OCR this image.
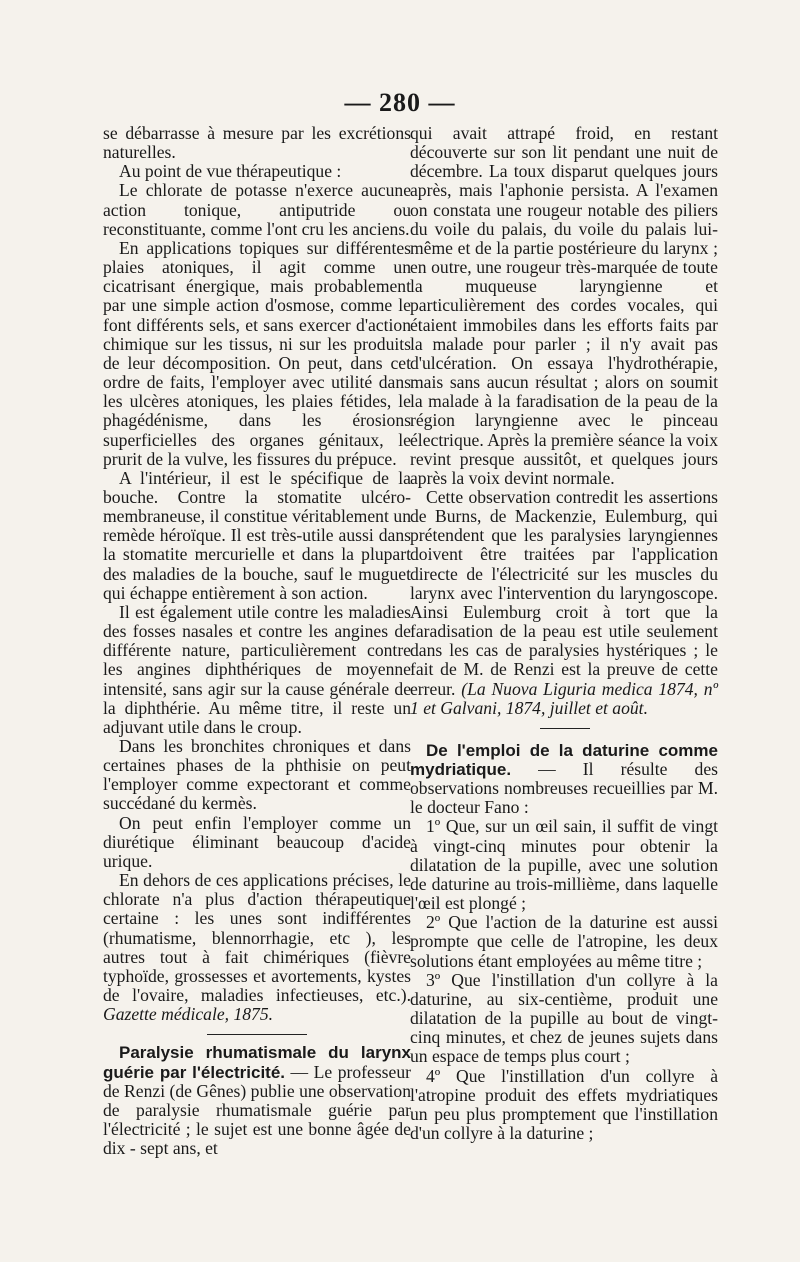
— 280 —

se débarrasse à mesure par les excrétions naturelles.

Au point de vue thérapeutique :

Le chlorate de potasse n'exerce aucune action tonique, antiputride ou reconstituante, comme l'ont cru les anciens.

En applications topiques sur différentes plaies atoniques, il agit comme un cicatrisant énergique, mais probablement par une simple action d'osmose, comme le font différents sels, et sans exercer d'action chimique sur les tissus, ni sur les produits de leur décomposition. On peut, dans cet ordre de faits, l'employer avec utilité dans les ulcères atoniques, les plaies fétides, le phagédénisme, dans les érosions superficielles des organes génitaux, le prurit de la vulve, les fissures du prépuce.

A l'intérieur, il est le spécifique de la bouche. Contre la stomatite ulcéro-membraneuse, il constitue véritablement un remède héroïque. Il est très-utile aussi dans la stomatite mercurielle et dans la plupart des maladies de la bouche, sauf le muguet qui échappe entièrement à son action.

Il est également utile contre les maladies des fosses nasales et contre les angines de différente nature, particulièrement contre les angines diphthériques de moyenne intensité, sans agir sur la cause générale de la diphthérie. Au même titre, il reste un adjuvant utile dans le croup.

Dans les bronchites chroniques et dans certaines phases de la phthisie on peut l'employer comme expectorant et comme succédané du kermès.

On peut enfin l'employer comme un diurétique éliminant beaucoup d'acide urique.

En dehors de ces applications précises, le chlorate n'a plus d'action thérapeutique certaine : les unes sont indifférentes (rhumatisme, blennorrhagie, etc ), les autres tout à fait chimériques (fièvre typhoïde, grossesses et avortements, kystes de l'ovaire, maladies infectieuses, etc.). Gazette médicale, 1875.

Paralysie rhumatismale du larynx guérie par l'électricité. — Le professeur de Renzi (de Gênes) publie une observation de paralysie rhumatismale guérie par l'électricité ; le sujet est une bonne âgée de dix - sept ans, et

qui avait attrapé froid, en restant découverte sur son lit pendant une nuit de décembre. La toux disparut quelques jours après, mais l'aphonie persista. A l'examen on constata une rougeur notable des piliers du voile du palais, du voile du palais lui-même et de la partie postérieure du larynx ; en outre, une rougeur très-marquée de toute la muqueuse laryngienne et particulièrement des cordes vocales, qui étaient immobiles dans les efforts faits par la malade pour parler ; il n'y avait pas d'ulcération. On essaya l'hydrothérapie, mais sans aucun résultat ; alors on soumit la malade à la faradisation de la peau de la région laryngienne avec le pinceau électrique. Après la première séance la voix revint presque aussitôt, et quelques jours après la voix devint normale.

Cette observation contredit les assertions de Burns, de Mackenzie, Eulemburg, qui prétendent que les paralysies laryngiennes doivent être traitées par l'application directe de l'électricité sur les muscles du larynx avec l'intervention du laryngoscope. Ainsi Eulemburg croit à tort que la faradisation de la peau est utile seulement dans les cas de paralysies hystériques ; le fait de M. de Renzi est la preuve de cette erreur. (La Nuova Liguria medica 1874, nº 1 et Galvani, 1874, juillet et août.

De l'emploi de la daturine comme mydriatique. — Il résulte des observations nombreuses recueillies par M. le docteur Fano :

1º Que, sur un œil sain, il suffit de vingt à vingt-cinq minutes pour obtenir la dilatation de la pupille, avec une solution de daturine au trois-millième, dans laquelle l'œil est plongé ;

2º Que l'action de la daturine est aussi prompte que celle de l'atropine, les deux solutions étant employées au même titre ;

3º Que l'instillation d'un collyre à la daturine, au six-centième, produit une dilatation de la pupille au bout de vingt-cinq minutes, et chez de jeunes sujets dans un espace de temps plus court ;

4º Que l'instillation d'un collyre à l'atropine produit des effets mydriatiques un peu plus promptement que l'instillation d'un collyre à la daturine ;
